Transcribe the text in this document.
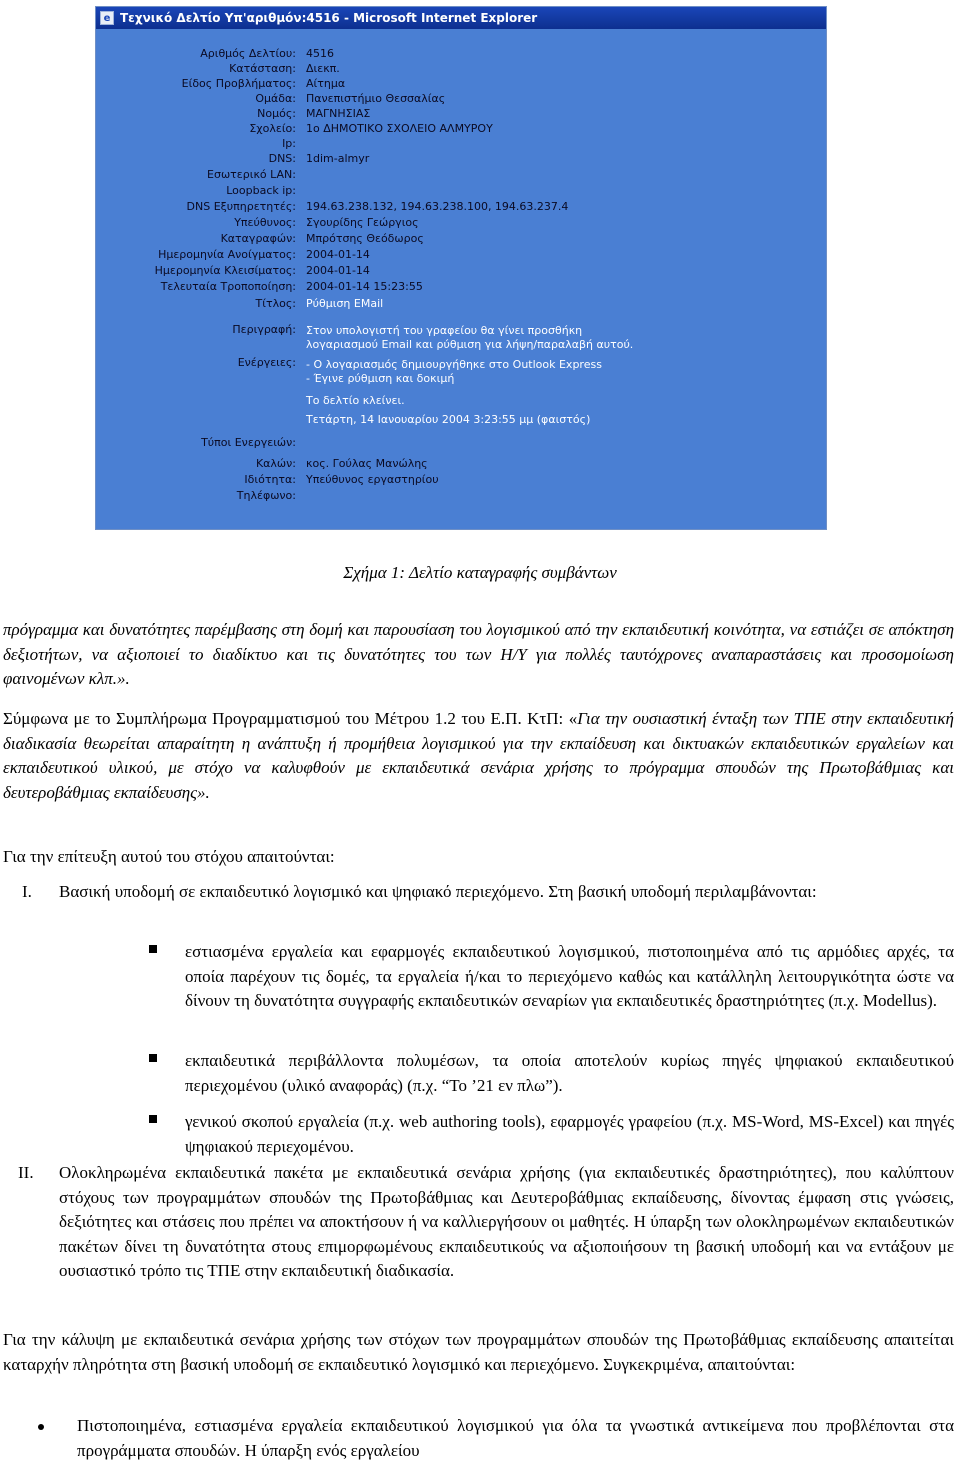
e Τεχνικό Δελτίο Υπ'αριθμόν:4516 - Microsoft Internet Explorer
Αριθμός Δελτίου: 4516
Κατάσταση: Διεκπ.
Είδος Προβλήματος: Αίτημα
Ομάδα: Πανεπιστήμιο Θεσσαλίας
Νομός: ΜΑΓΝΗΣΙΑΣ
Σχολείο: 1ο ΔΗΜΟΤΙΚΟ ΣΧΟΛΕΙΟ ΑΛΜΥΡΟΥ
Ip:
DNS: 1dim-almyr
Εσωτερικό LAN:
Loopback ip:
DNS Εξυπηρετητές: 194.63.238.132, 194.63.238.100, 194.63.237.4
Υπεύθυνος: Σγουρίδης Γεώργιος
Καταγραφών: Μπρότσης Θεόδωρος
Ημερομηνία Ανοίγματος: 2004-01-14
Ημερομηνία Κλεισίματος: 2004-01-14
Τελευταία Τροποποίηση: 2004-01-14 15:23:55
Τίτλος: Ρύθμιση EMail
Περιγραφή: Στον υπολογιστή του γραφείου θα γίνει προσθήκη
λογαριασμού Email και ρύθμιση για λήψη/παραλαβή αυτού.
Ενέργειες: - Ο λογαριασμός δημιουργήθηκε στο Outlook Express
- Έγινε ρύθμιση και δοκιμή
Το δελτίο κλείνει.
Τετάρτη, 14 Ιανουαρίου 2004 3:23:55 μμ (φαιστός)
Τύποι Ενεργειών:
Καλών: κος. Γούλας Μανώλης
Ιδιότητα: Υπεύθυνος εργαστηρίου
Τηλέφωνο:
Σχήμα 1: Δελτίο καταγραφής συμβάντων
πρόγραμμα και δυνατότητες παρέμβασης στη δομή και παρουσίαση του λογισμικού από την εκπαιδευτική κοινότητα, να εστιάζει σε απόκτηση δεξιοτήτων, να αξιοποιεί το διαδίκτυο και τις δυνατότητες του των Η/Υ για πολλές ταυτόχρονες αναπαραστάσεις και προσομοίωση φαινομένων κλπ.».
Σύμφωνα με το Συμπλήρωμα Προγραμματισμού του Μέτρου 1.2 του Ε.Π. ΚτΠ: «Για την ουσιαστική ένταξη των ΤΠΕ στην εκπαιδευτική διαδικασία θεωρείται απαραίτητη η ανάπτυξη ή προμήθεια λογισμικού για την εκπαίδευση και δικτυακών εκπαιδευτικών εργαλείων και εκπαιδευτικού υλικού, με στόχο να καλυφθούν με εκπαιδευτικά σενάρια χρήσης το πρόγραμμα σπουδών της Πρωτοβάθμιας και δευτεροβάθμιας εκπαίδευσης».
Για την επίτευξη αυτού του στόχου απαιτούνται:
I. Βασική υποδομή σε εκπαιδευτικό λογισμικό και ψηφιακό περιεχόμενο. Στη βασική υποδομή περιλαμβάνονται:
εστιασμένα εργαλεία και εφαρμογές εκπαιδευτικού λογισμικού, πιστοποιημένα από τις αρμόδιες αρχές, τα οποία παρέχουν τις δομές, τα εργαλεία ή/και το περιεχόμενο καθώς και κατάλληλη λειτουργικότητα ώστε να δίνουν τη δυνατότητα συγγραφής εκπαιδευτικών σεναρίων για εκπαιδευτικές δραστηριότητες (π.χ. Modellus).
εκπαιδευτικά περιβάλλοντα πολυμέσων, τα οποία αποτελούν κυρίως πηγές ψηφιακού εκπαιδευτικού περιεχομένου (υλικό αναφοράς) (π.χ. “Το ’21 εν πλω”).
γενικού σκοπού εργαλεία (π.χ. web authoring tools), εφαρμογές γραφείου (π.χ. MS-Word, MS-Excel) και πηγές ψηφιακού περιεχομένου.
II. Ολοκληρωμένα εκπαιδευτικά πακέτα με εκπαιδευτικά σενάρια χρήσης (για εκπαιδευτικές δραστηριότητες), που καλύπτουν στόχους των προγραμμάτων σπουδών της Πρωτοβάθμιας και Δευτεροβάθμιας εκπαίδευσης, δίνοντας έμφαση στις γνώσεις, δεξιότητες και στάσεις που πρέπει να αποκτήσουν ή να καλλιεργήσουν οι μαθητές. Η ύπαρξη των ολοκληρωμένων εκπαιδευτικών πακέτων δίνει τη δυνατότητα στους επιμορφωμένους εκπαιδευτικούς να αξιοποιήσουν τη βασική υποδομή και να εντάξουν με ουσιαστικό τρόπο τις ΤΠΕ στην εκπαιδευτική διαδικασία.
Για την κάλυψη με εκπαιδευτικά σενάρια χρήσης των στόχων των προγραμμάτων σπουδών της Πρωτοβάθμιας εκπαίδευσης απαιτείται καταρχήν πληρότητα στη βασική υποδομή σε εκπαιδευτικό λογισμικό και περιεχόμενο. Συγκεκριμένα, απαιτούνται:
Πιστοποιημένα, εστιασμένα εργαλεία εκπαιδευτικού λογισμικού για όλα τα γνωστικά αντικείμενα που προβλέπονται στα προγράμματα σπουδών. Η ύπαρξη ενός εργαλείου
